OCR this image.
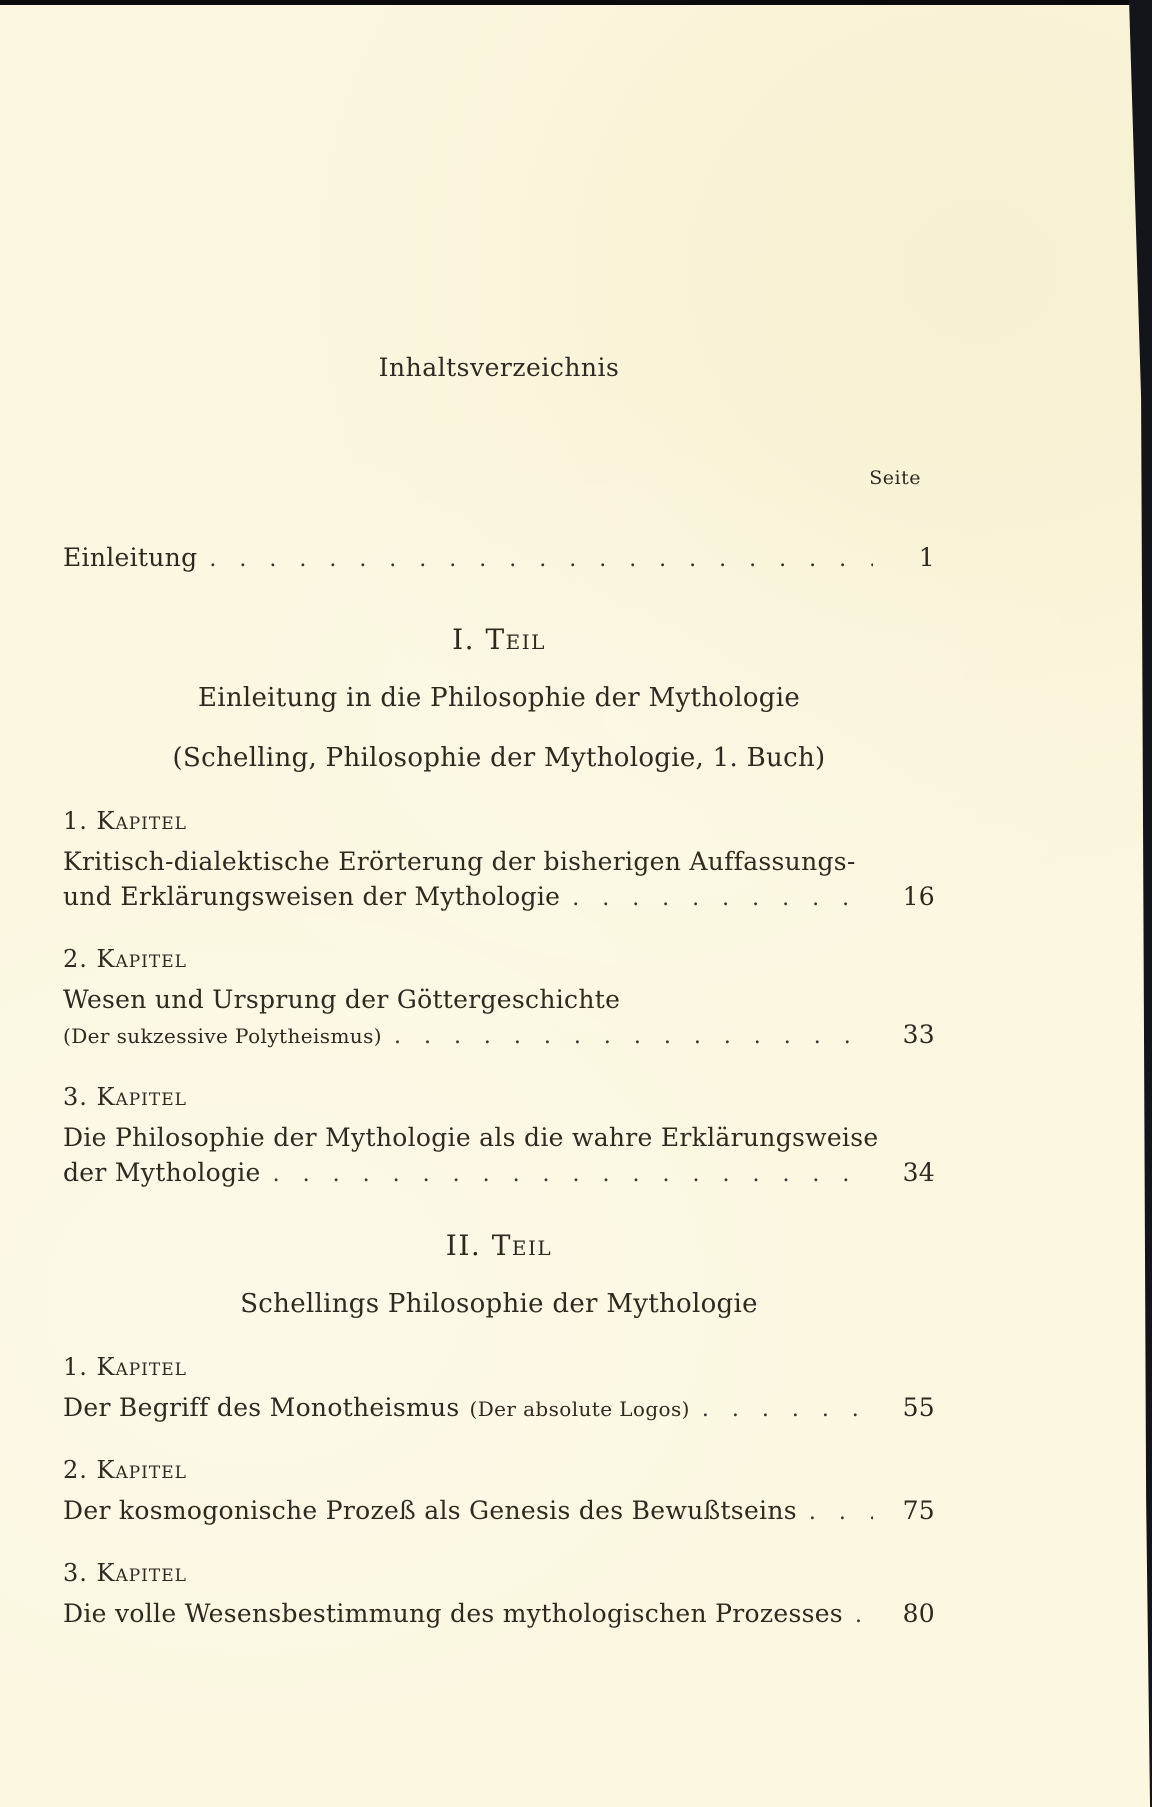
Inhaltsverzeichnis
Seite
Einleitung . . .	1
I. Teil
Einleitung in die Philosophie der Mythologie
(Schelling, Philosophie der Mythologie, 1. Buch)
1. Kapitel
Kritisch-dialektische Erörterung der bisherigen Auffassungs-
und Erklärungsweisen der Mythologie . . .	16
2. Kapitel
Wesen und Ursprung der Göttergeschichte
(Der sukzessive Polytheismus) . . .	33
3. Kapitel
Die Philosophie der Mythologie als die wahre Erklärungsweise
der Mythologie . . .	34
II. Teil
Schellings Philosophie der Mythologie
1. Kapitel
Der Begriff des Monotheismus (Der absolute Logos) . . .	55
2. Kapitel
Der kosmogonische Prozeß als Genesis des Bewußtseins . . .	75
3. Kapitel
Die volle Wesensbestimmung des mythologischen Prozesses . . .	80
